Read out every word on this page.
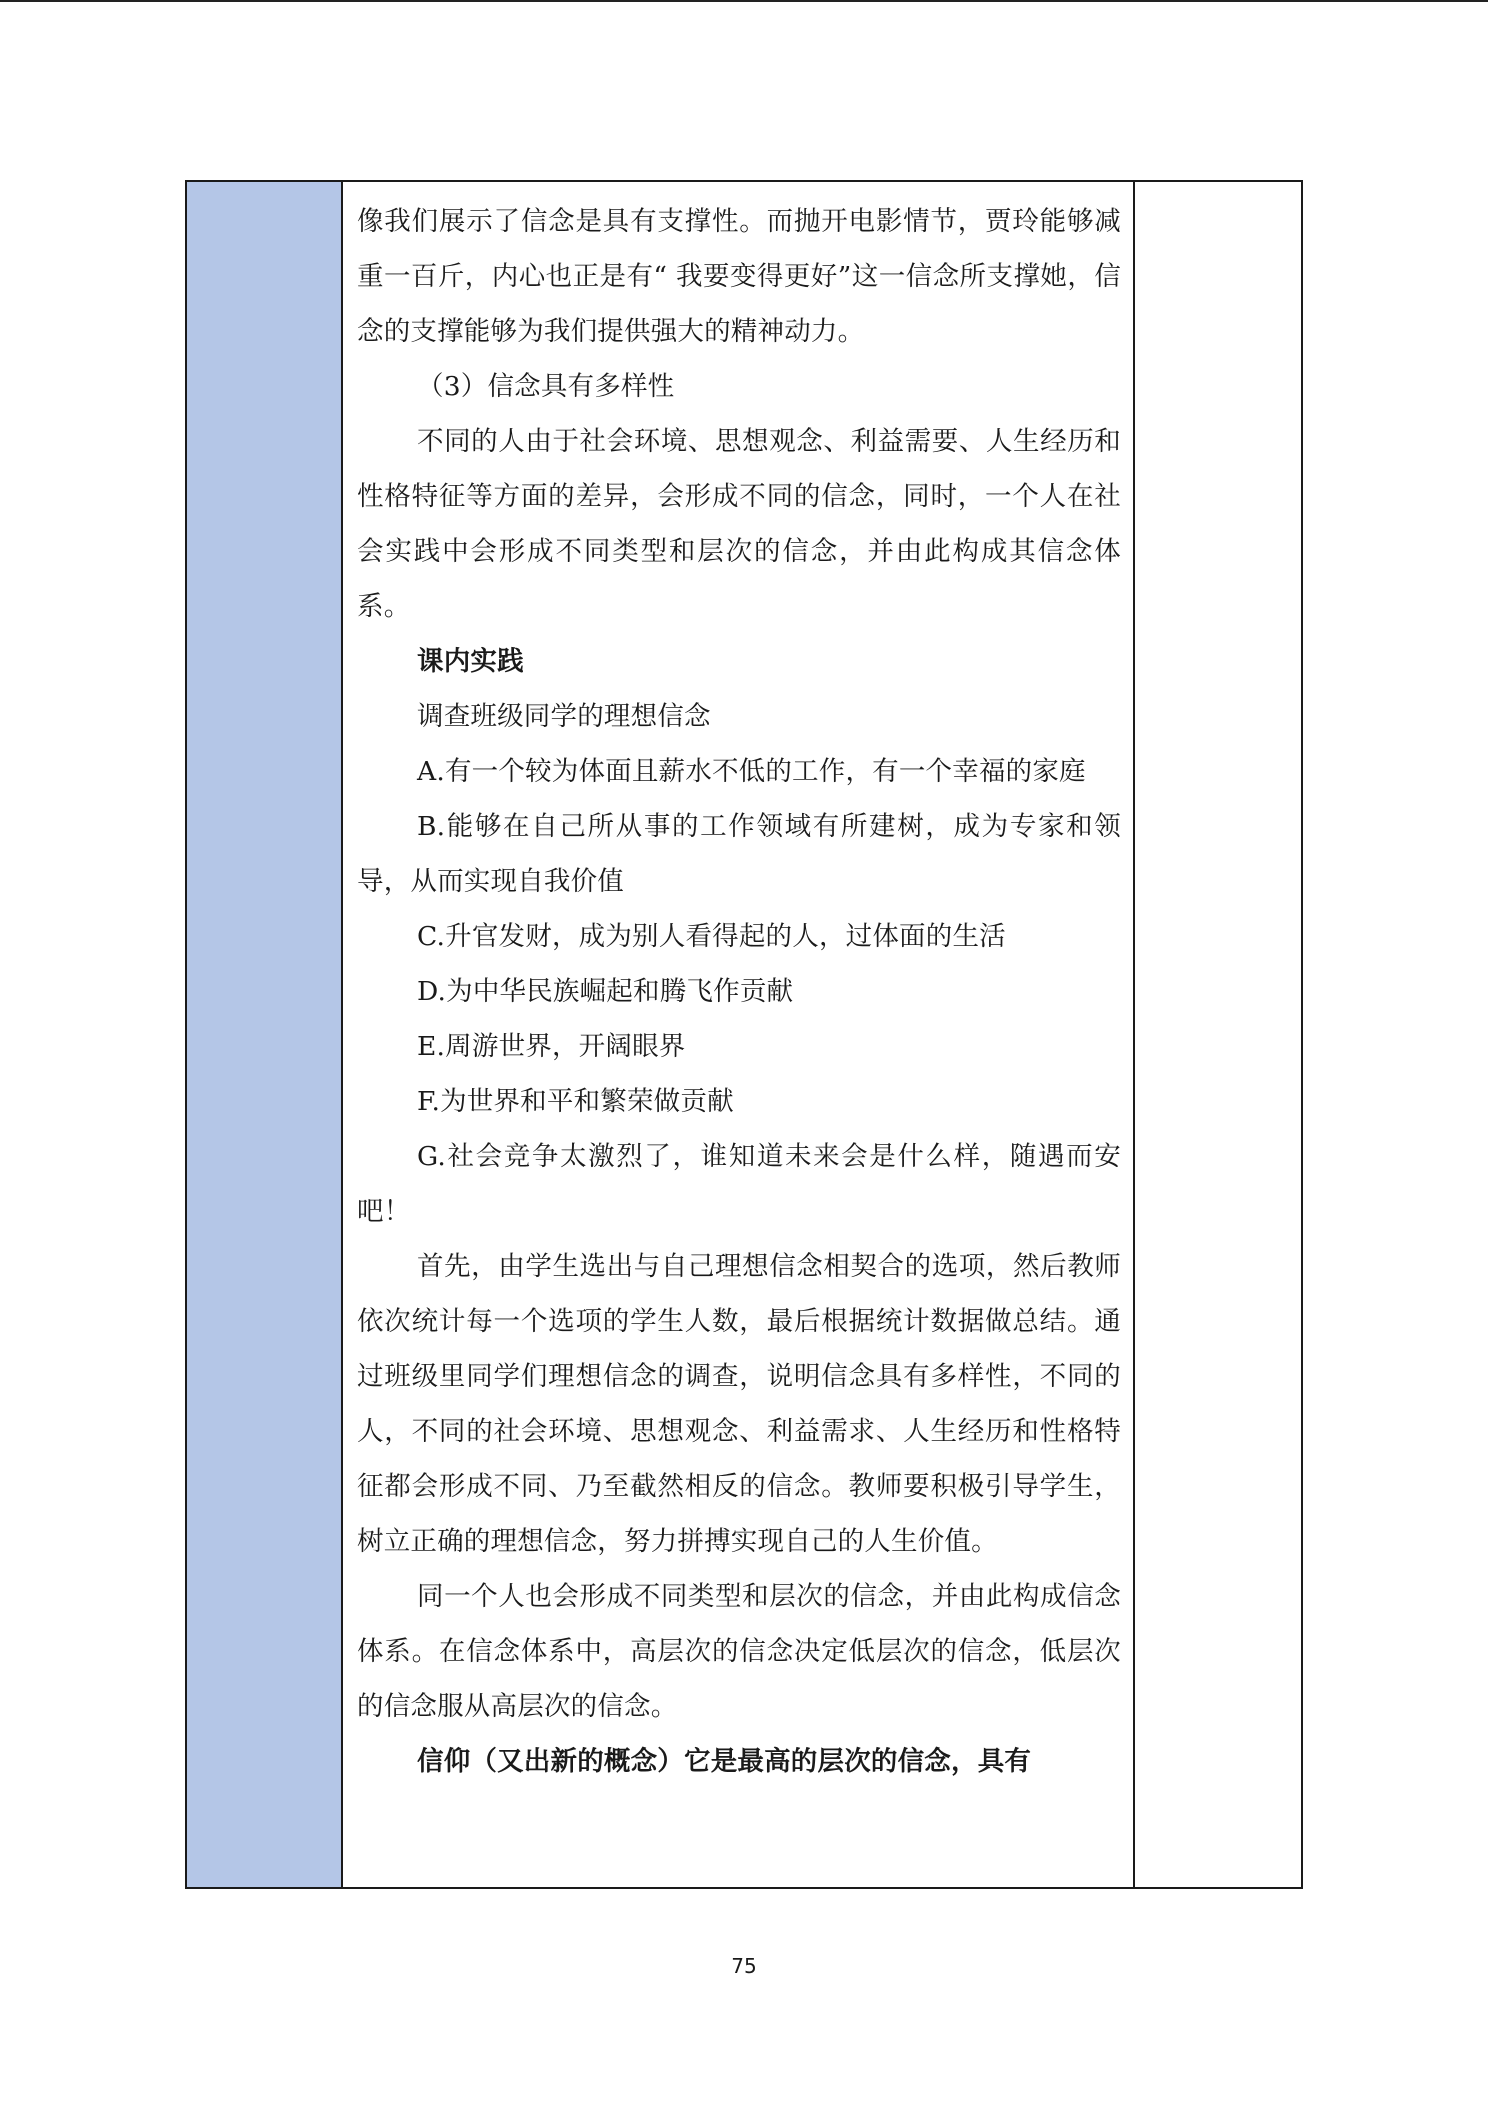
像我们展示了信念是具有支撑性。而抛开电影情节，贾玲能够减重一百斤，内心也正是有“ 我要变得更好”这一信念所支撑她，信念的支撑能够为我们提供强大的精神动力。

（3）信念具有多样性

不同的人由于社会环境、思想观念、利益需要、人生经历和性格特征等方面的差异，会形成不同的信念，同时，一个人在社会实践中会形成不同类型和层次的信念，并由此构成其信念体系。

课内实践

调查班级同学的理想信念

A.有一个较为体面且薪水不低的工作，有一个幸福的家庭

B.能够在自己所从事的工作领域有所建树，成为专家和领导，从而实现自我价值

C.升官发财，成为别人看得起的人，过体面的生活

D.为中华民族崛起和腾飞作贡献

E.周游世界，开阔眼界

F.为世界和平和繁荣做贡献

G.社会竞争太激烈了，谁知道未来会是什么样，随遇而安吧！

首先，由学生选出与自己理想信念相契合的选项，然后教师依次统计每一个选项的学生人数，最后根据统计数据做总结。通过班级里同学们理想信念的调查，说明信念具有多样性，不同的人，不同的社会环境、思想观念、利益需求、人生经历和性格特征都会形成不同、乃至截然相反的信念。教师要积极引导学生，树立正确的理想信念，努力拼搏实现自己的人生价值。

同一个人也会形成不同类型和层次的信念，并由此构成信念体系。在信念体系中，高层次的信念决定低层次的信念，低层次的信念服从高层次的信念。

信仰（又出新的概念）它是最高的层次的信念，具有

75
